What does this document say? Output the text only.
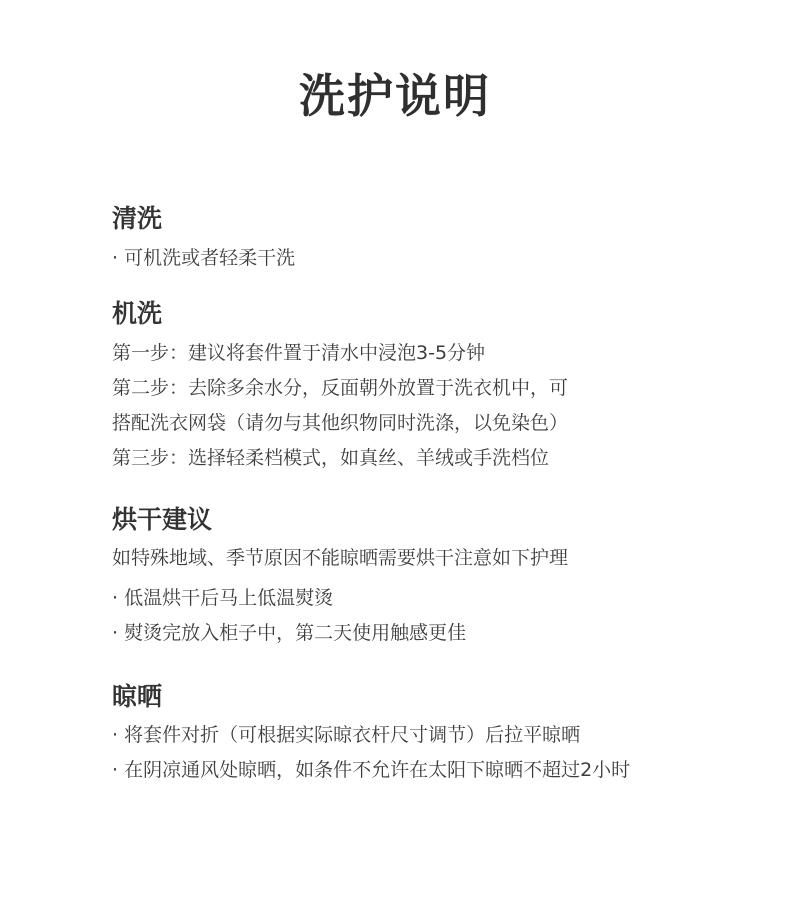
洗护说明
清洗
· 可机洗或者轻柔干洗
机洗
第一步：建议将套件置于清水中浸泡3-5分钟
第二步：去除多余水分，反面朝外放置于洗衣机中，可
搭配洗衣网袋（请勿与其他织物同时洗涤，以免染色）
第三步：选择轻柔档模式，如真丝、羊绒或手洗档位
烘干建议
如特殊地域、季节原因不能晾晒需要烘干注意如下护理
· 低温烘干后马上低温熨烫
· 熨烫完放入柜子中，第二天使用触感更佳
晾晒
· 将套件对折（可根据实际晾衣杆尺寸调节）后拉平晾晒
· 在阴凉通风处晾晒，如条件不允许在太阳下晾晒不超过2小时
